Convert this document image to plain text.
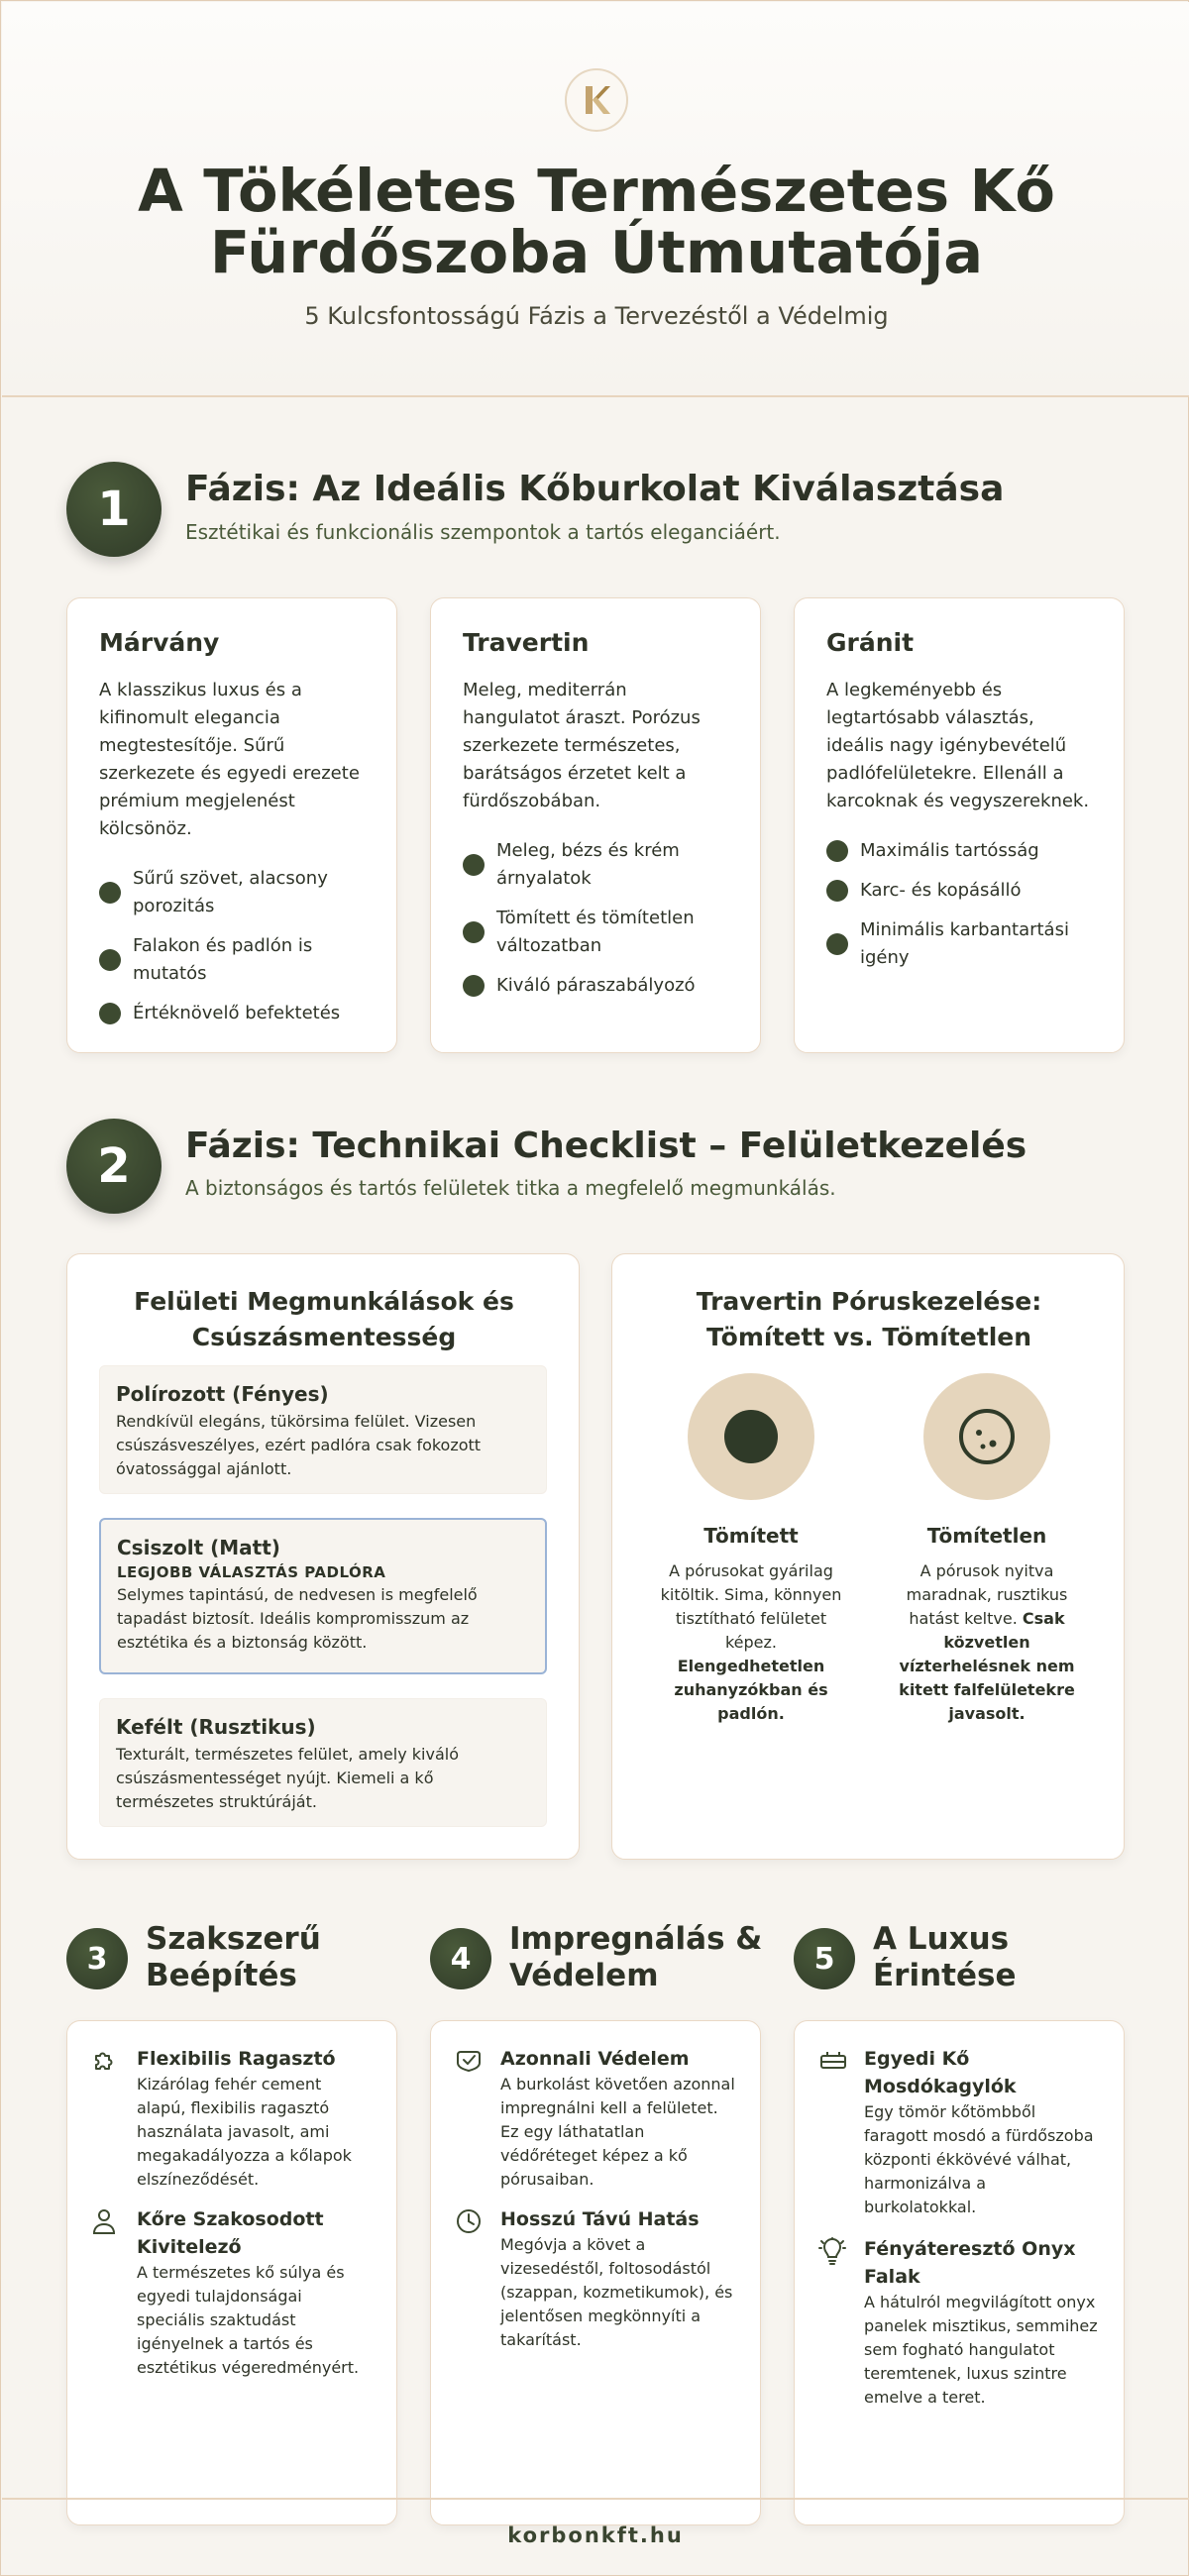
A Tökéletes Természetes Kő
Fürdőszoba Útmutatója
5 Kulcsfontosságú Fázis a Tervezéstől a Védelmig
1	Fázis: Az Ideális Kőburkolat Kiválasztása
Esztétikai és funkcionális szempontok a tartós eleganciáért.
Márvány
A klasszikus luxus és a kifinomult elegancia megtestesítője. Sűrű szerkezete és egyedi erezete prémium megjelenést kölcsönöz.
Sűrű szövet, alacsony porozitás
Falakon és padlón is mutatós
Értéknövelő befektetés
Travertin
Meleg, mediterrán hangulatot áraszt. Porózus szerkezete természetes, barátságos érzetet kelt a fürdőszobában.
Meleg, bézs és krém árnyalatok
Tömített és tömítetlen változatban
Kiváló páraszabályozó
Gránit
A legkeményebb és legtartósabb választás, ideális nagy igénybevételű padlófelületekre. Ellenáll a karcoknak és vegyszereknek.
Maximális tartósság
Karc- és kopásálló
Minimális karbantartási igény
2	Fázis: Technikai Checklist – Felületkezelés
A biztonságos és tartós felületek titka a megfelelő megmunkálás.
Felületi Megmunkálások és
Csúszásmentesség
Polírozott (Fényes)
Rendkívül elegáns, tükörsima felület. Vizesen csúszásveszélyes, ezért padlóra csak fokozott óvatossággal ajánlott.
Csiszolt (Matt)
LEGJOBB VÁLASZTÁS PADLÓRA
Selymes tapintású, de nedvesen is megfelelő tapadást biztosít. Ideális kompromisszum az esztétika és a biztonság között.
Kefélt (Rusztikus)
Texturált, természetes felület, amely kiváló csúszásmentességet nyújt. Kiemeli a kő természetes struktúráját.
Travertin Póruskezelése:
Tömített vs. Tömítetlen
Tömített
A pórusokat gyárilag kitöltik. Sima, könnyen tisztítható felületet képez. Elengedhetetlen zuhanyzókban és padlón.
Tömítetlen
A pórusok nyitva maradnak, rusztikus hatást keltve. Csak közvetlen vízterhelésnek nem kitett falfelületekre javasolt.
3
Szakszerű
Beépítés
Flexibilis Ragasztó
Kizárólag fehér cement alapú, flexibilis ragasztó használata javasolt, ami megakadályozza a kőlapok elszíneződését.
Kőre Szakosodott Kivitelező
A természetes kő súlya és egyedi tulajdonságai speciális szaktudást igényelnek a tartós és esztétikus végeredményért.
4
Impregnálás &
Védelem
Azonnali Védelem
A burkolást követően azonnal impregnálni kell a felületet. Ez egy láthatatlan védőréteget képez a kő pórusaiban.
Hosszú Távú Hatás
Megóvja a követ a vizesedéstől, foltosodástól (szappan, kozmetikumok), és jelentősen megkönnyíti a takarítást.
5
A Luxus
Érintése
Egyedi Kő Mosdókagylók
Egy tömör kőtömbből faragott mosdó a fürdőszoba központi ékkövévé válhat, harmonizálva a burkolatokkal.
Fényáteresztő Onyx Falak
A hátulról megvilágított onyx panelek misztikus, semmihez sem fogható hangulatot teremtenek, luxus szintre emelve a teret.
korbonkft.hu
